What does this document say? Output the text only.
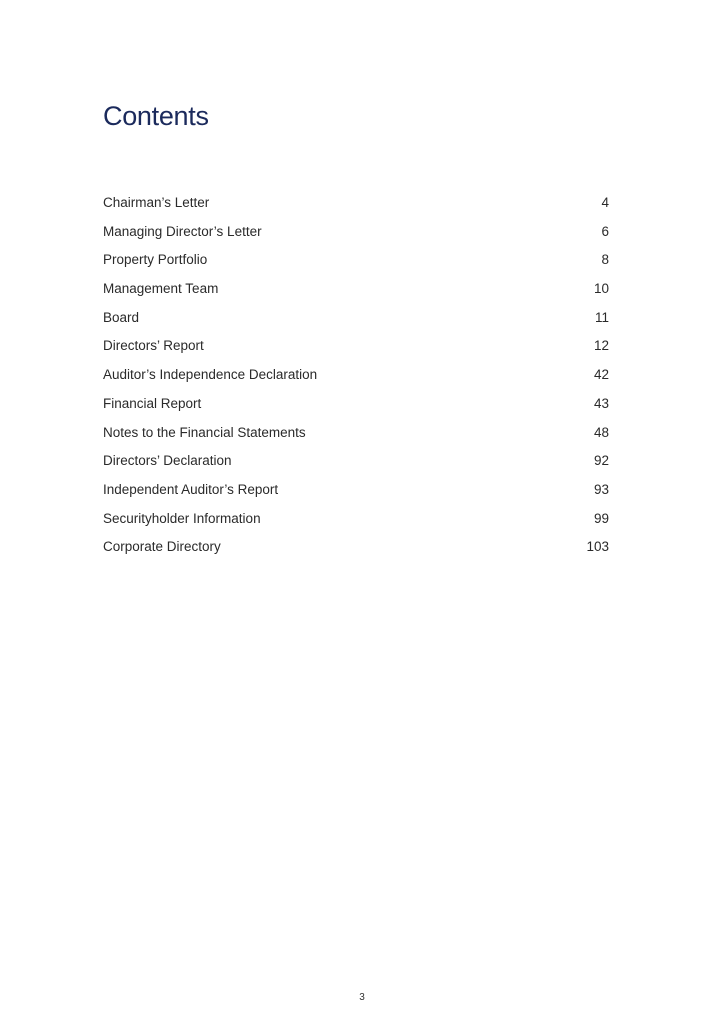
Contents
Chairman’s Letter	4
Managing Director’s Letter	6
Property Portfolio	8
Management Team	10
Board	11
Directors’ Report	12
Auditor’s Independence Declaration	42
Financial Report	43
Notes to the Financial Statements	48
Directors’ Declaration	92
Independent Auditor’s Report	93
Securityholder Information	99
Corporate Directory	103
3
